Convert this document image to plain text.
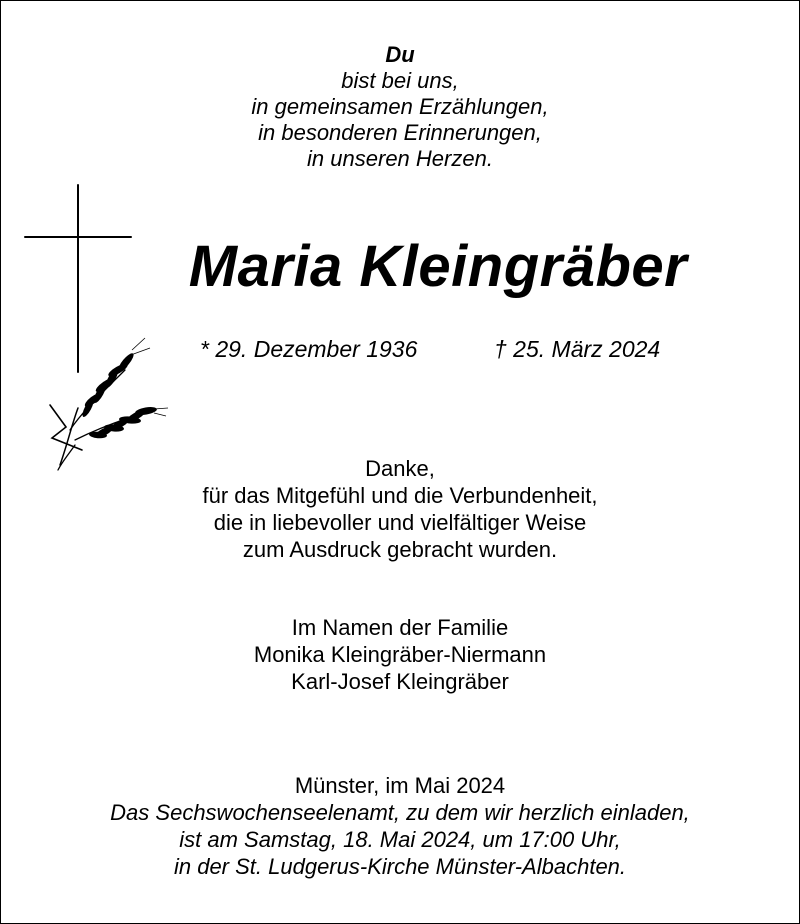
Du
bist bei uns,
in gemeinsamen Erzählungen,
in besonderen Erinnerungen,
in unseren Herzen.
Maria Kleingräber
* 29. Dezember 1936	† 25. März 2024
Danke,
für das Mitgefühl und die Verbundenheit,
die in liebevoller und vielfältiger Weise
zum Ausdruck gebracht wurden.
Im Namen der Familie
Monika Kleingräber-Niermann
Karl-Josef Kleingräber
Münster, im Mai 2024
Das Sechswochenseelenamt, zu dem wir herzlich einladen,
ist am Samstag, 18. Mai 2024, um 17:00 Uhr,
in der St. Ludgerus-Kirche Münster-Albachten.
